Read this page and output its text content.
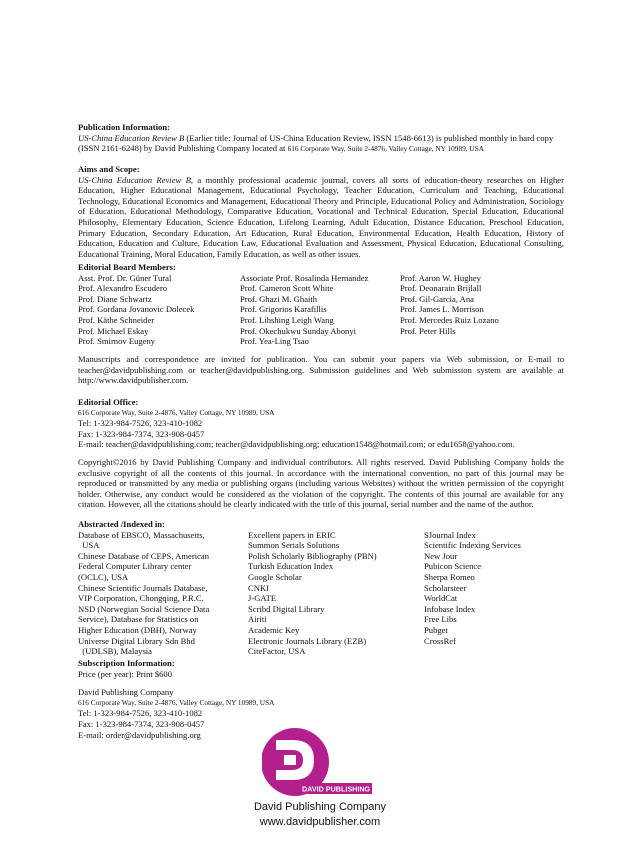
Publication Information:
US-China Education Review B (Earlier title: Journal of US-China Education Review, ISSN 1548-6613) is published monthly in hard copy
(ISSN 2161-6248) by David Publishing Company located at 616 Corporate Way, Suite 2-4876, Valley Cottage, NY 10989, USA
Aims and Scope:
US-China Education Review B, a monthly professional academic journal, covers all sorts of education-theory researches on Higher Education, Higher Educational Management, Educational Psychology, Teacher Education, Curriculum and Teaching, Educational Technology, Educational Economics and Management, Educational Theory and Principle, Educational Policy and Administration, Sociology of Education, Educational Methodology, Comparative Education, Vocational and Technical Education, Special Education, Educational Philosophy, Elementary Education, Science Education, Lifelong Learning, Adult Education, Distance Education, Preschool Education, Primary Education, Secondary Education, Art Education, Rural Education, Environmental Education, Health Education, History of Education, Education and Culture, Education Law, Educational Evaluation and Assessment, Physical Education, Educational Consulting, Educational Training, Moral Education, Family Education, as well as other issues.
Editorial Board Members:
Asst. Prof. Dr. Güner Tural	Associate Prof. Rosalinda Hernandez	Prof. Aaron W. Hughey
Prof. Alexandro Escudero	Prof. Cameron Scott White	Prof. Deonarain Brijlall
Prof. Diane Schwartz	Prof. Ghazi M. Ghaith	Prof. Gil-Garcia, Ana
Prof. Gordana Jovanovic Dolecek	Prof. Grigorios Karafillis	Prof. James L. Morrison
Prof. Käthe Schneider	Prof. Lihshing Leigh Wang	Prof. Mercedes Ruiz Lozano
Prof. Michael Eskay	Prof. Okechukwu Sunday Abonyi	Prof. Peter Hills
Prof. Smirnov Eugeny	Prof. Yea-Ling Tsao	
Manuscripts and correspondence are invited for publication. You can submit your papers via Web submission, or E-mail to teacher@davidpublishing.com or teacher@davidpublishing.org. Submission guidelines and Web submission system are available at http://www.davidpublisher.com.
Editorial Office:
616 Corporate Way, Suite 2-4876, Valley Cottage, NY 10989, USA
Tel: 1-323-984-7526, 323-410-1082
Fax: 1-323-984-7374, 323-908-0457
E-mail: teacher@davidpublishing.com; teacher@davidpublishing.org; education1548@hotmail.com; or edu1658@yahoo.com.
Copyright©2016 by David Publishing Company and individual contributors. All rights reserved. David Publishing Company holds the exclusive copyright of all the contents of this journal. In accordance with the international convention, no part of this journal may be reproduced or transmitted by any media or publishing organs (including various Websites) without the written permission of the copyright holder. Otherwise, any conduct would be considered as the violation of the copyright. The contents of this journal are available for any citation. However, all the citations should be clearly indicated with the title of this journal, serial number and the name of the author.
Abstracted /Indexed in:
Database of EBSCO, Massachusetts,
USA
Chinese Database of CEPS, American
Federal Computer Library center
(OCLC), USA
Chinese Scientific Journals Database,
VIP Corporation, Chongqing, P.R.C.
NSD (Norwegian Social Science Data
Service), Database for Statistics on
Higher Education (DBH), Norway
Universe Digital Library Sdn Bhd
(UDLSB), Malaysia

Excellent papers in ERIC
Summon Serials Solutions
Polish Scholarly Bibliography (PBN)
Turkish Education Index
Google Scholar
CNKI
J-GATE
Scribd Digital Library
Airiti
Academic Key
Electronic Journals Library (EZB)
CiteFactor, USA

SJournal Index
Scientific Indexing Services
New Jour
Pubicon Science
Sherpa Romeo
Scholarsteer
WorldCat
Infobase Index
Free Libs
Pubget
CrossRef
Subscription Information:
Price (per year): Print $600
David Publishing Company
616 Corporate Way, Suite 2-4876, Valley Cottage, NY 10989, USA
Tel: 1-323-984-7526, 323-410-1082
Fax: 1-323-984-7374, 323-908-0457
E-mail: order@davidpublishing.org
DAVID PUBLISHING
David Publishing Company
www.davidpublisher.com
